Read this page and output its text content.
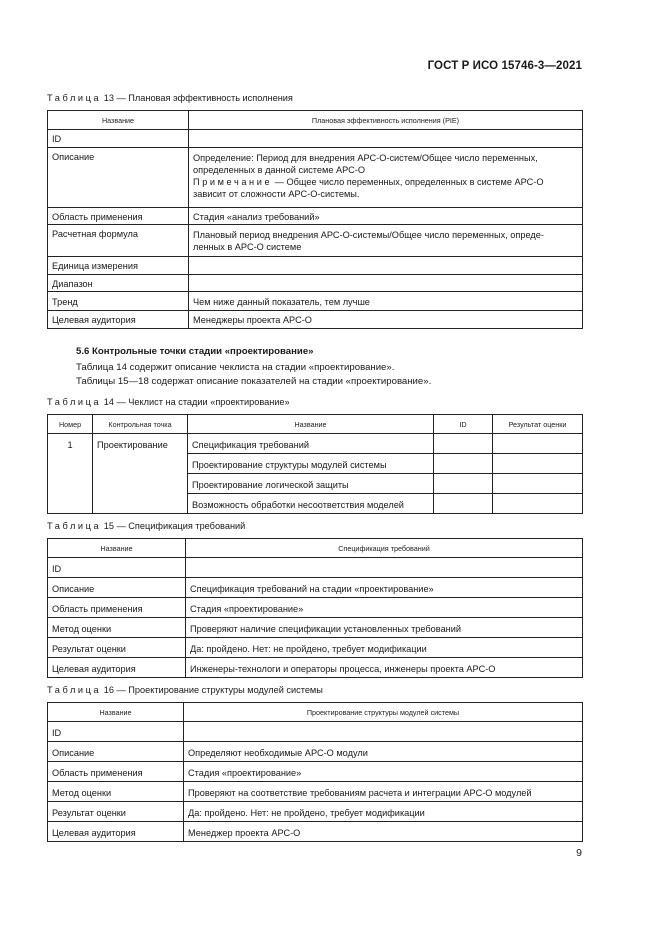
ГОСТ Р ИСО 15746-3—2021
Таблица 13 — Плановая эффективность исполнения
Название	Плановая эффективность исполнения (PIE)
ID	
Описание	Определение: Период для внедрения АРС-О-систем/Общее число переменных,
определенных в данной системе АРС-О
Примечание — Общее число переменных, определенных в системе АРС-О
зависит от сложности АРС-О-системы.

Область применения	Стадия «анализ требований»
Расчетная формула	Плановый период внедрения АРС-О-системы/Общее число переменных, опреде-
ленных в АРС-О системе

Единица измерения	
Диапазон	
Тренд	Чем ниже данный показатель, тем лучше
Целевая аудитория	Менеджеры проекта АРС-О
5.6 Контрольные точки стадии «проектирование»
Таблица 14 содержит описание чеклиста на стадии «проектирование».
Таблицы 15—18 содержат описание показателей на стадии «проектирование».
Таблица 14 — Чеклист на стадии «проектирование»
Номер	Контрольная точка	Название	ID	Результат оценки
1	Проектирование	Спецификация требований		
		Проектирование структуры модулей системы		
		Проектирование логической защиты		
		Возможность обработки несоответствия моделей		
Таблица 15 — Спецификация требований
Название	Спецификация требований
ID	
Описание	Спецификация требований на стадии «проектирование»
Область применения	Стадия «проектирование»
Метод оценки	Проверяют наличие спецификации установленных требований
Результат оценки	Да: пройдено. Нет: не пройдено, требует модификации
Целевая аудитория	Инженеры-технологи и операторы процесса, инженеры проекта АРС-О
Таблица 16 — Проектирование структуры модулей системы
Название	Проектирование структуры модулей системы
ID	
Описание	Определяют необходимые АРС-О модули
Область применения	Стадия «проектирование»
Метод оценки	Проверяют на соответствие требованиям расчета и интеграции АРС-О модулей
Результат оценки	Да: пройдено. Нет: не пройдено, требует модификации
Целевая аудитория	Менеджер проекта АРС-О
9
